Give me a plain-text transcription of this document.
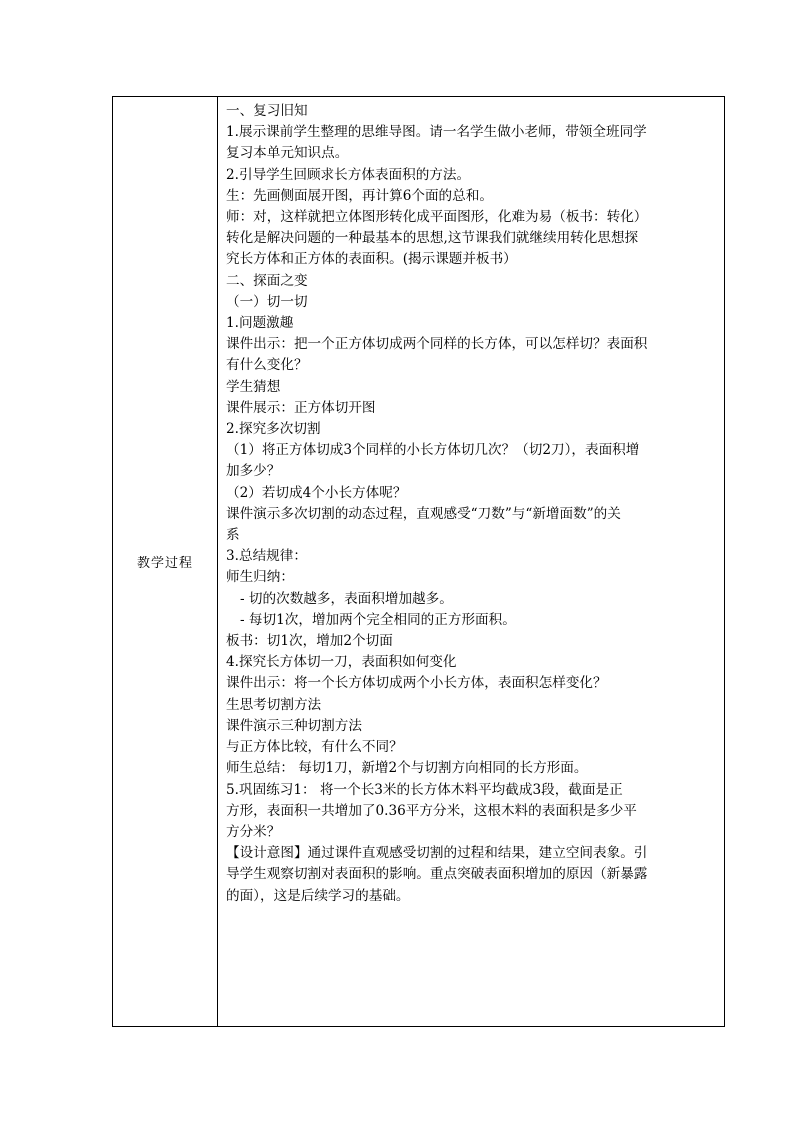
教学过程	
一、复习旧知
1.展示课前学生整理的思维导图。请一名学生做小老师，带领全班同学
复习本单元知识点。
2.引导学生回顾求长方体表面积的方法。
生：先画侧面展开图，再计算6个面的总和。
师：对，这样就把立体图形转化成平面图形，化难为易（板书：转化）
转化是解决问题的一种最基本的思想,这节课我们就继续用转化思想探
究长方体和正方体的表面积。(揭示课题并板书）
二、探面之变
（一）切一切
1.问题激趣
课件出示：把一个正方体切成两个同样的长方体，可以怎样切？表面积
有什么变化？
学生猜想
课件展示：正方体切开图
2.探究多次切割
（1）将正方体切成3个同样的小长方体切几次？（切2刀），表面积增
加多少？
（2）若切成4个小长方体呢？
课件演示多次切割的动态过程，直观感受“刀数”与“新增面数”的关
系
3.总结规律：
师生归纳：
- 切的次数越多，表面积增加越多。
- 每切1次，增加两个完全相同的正方形面积。
板书：切1次，增加2个切面
4.探究长方体切一刀，表面积如何变化
课件出示：将一个长方体切成两个小长方体，表面积怎样变化？
生思考切割方法
课件演示三种切割方法
与正方体比较，有什么不同？
师生总结： 每切1刀，新增2个与切割方向相同的长方形面。
5.巩固练习1： 将一个长3米的长方体木料平均截成3段，截面是正
方形，表面积一共增加了0.36平方分米，这根木料的表面积是多少平
方分米？
【设计意图】通过课件直观感受切割的过程和结果，建立空间表象。引
导学生观察切割对表面积的影响。重点突破表面积增加的原因（新暴露
的面），这是后续学习的基础。
